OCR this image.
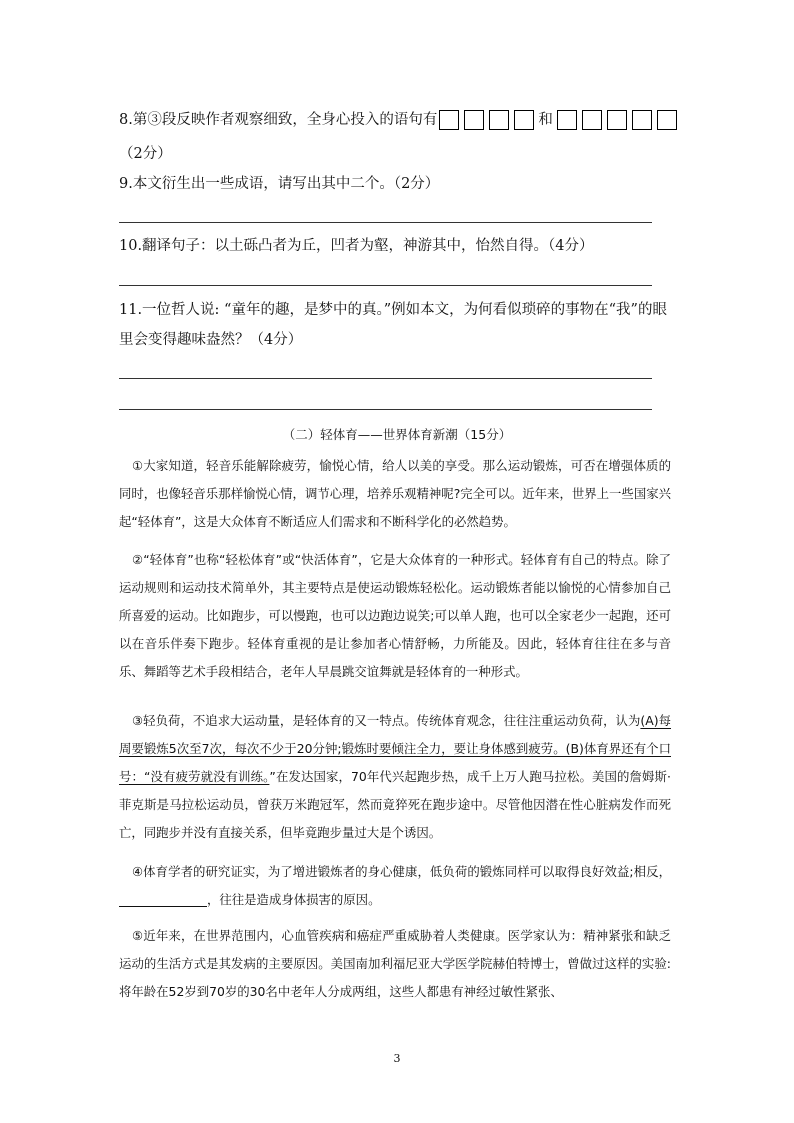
8.第③段反映作者观察细致，全身心投入的语句有	和
（2分）
9.本文衍生出一些成语，请写出其中二个。（2分）
10.翻译句子：以土砾凸者为丘，凹者为壑，神游其中，怡然自得。（4分）
11.一位哲人说: “童年的趣，是梦中的真。”例如本文，为何看似琐碎的事物在“我”的眼
里会变得趣味盎然？（4分）
（二）轻体育——世界体育新潮（15分）
①大家知道，轻音乐能解除疲劳，愉悦心情，给人以美的享受。那么运动锻炼，可否在增强体质的同时，也像轻音乐那样愉悦心情，调节心理，培养乐观精神呢?完全可以。近年来，世界上一些国家兴起“轻体育”，这是大众体育不断适应人们需求和不断科学化的必然趋势。
②“轻体育”也称“轻松体育”或“快活体育”，它是大众体育的一种形式。轻体育有自己的特点。除了运动规则和运动技术简单外，其主要特点是使运动锻炼轻松化。运动锻炼者能以愉悦的心情参加自己所喜爱的运动。比如跑步，可以慢跑，也可以边跑边说笑;可以单人跑，也可以全家老少一起跑，还可以在音乐伴奏下跑步。轻体育重视的是让参加者心情舒畅，力所能及。因此，轻体育往往在多与音乐、舞蹈等艺术手段相结合，老年人早晨跳交谊舞就是轻体育的一种形式。
③轻负荷，不追求大运动量，是轻体育的又一特点。传统体育观念，往往注重运动负荷，认为(A)每周要锻炼5次至7次，每次不少于20分钟;锻炼时要倾注全力，要让身体感到疲劳。(B)体育界还有个口号：“没有疲劳就没有训练。”在发达国家，70年代兴起跑步热，成千上万人跑马拉松。美国的詹姆斯·菲克斯是马拉松运动员，曾获万米跑冠军，然而竟猝死在跑步途中。尽管他因潜在性心脏病发作而死亡，同跑步并没有直接关系，但毕竟跑步量过大是个诱因。
④体育学者的研究证实，为了增进锻炼者的身心健康，低负荷的锻炼同样可以取得良好效益;相反，，往往是造成身体损害的原因。
⑤近年来，在世界范围内，心血管疾病和癌症严重威胁着人类健康。医学家认为：精神紧张和缺乏运动的生活方式是其发病的主要原因。美国南加利福尼亚大学医学院赫伯特博士，曾做过这样的实验:将年龄在52岁到70岁的30名中老年人分成两组，这些人都患有神经过敏性紧张、
3
